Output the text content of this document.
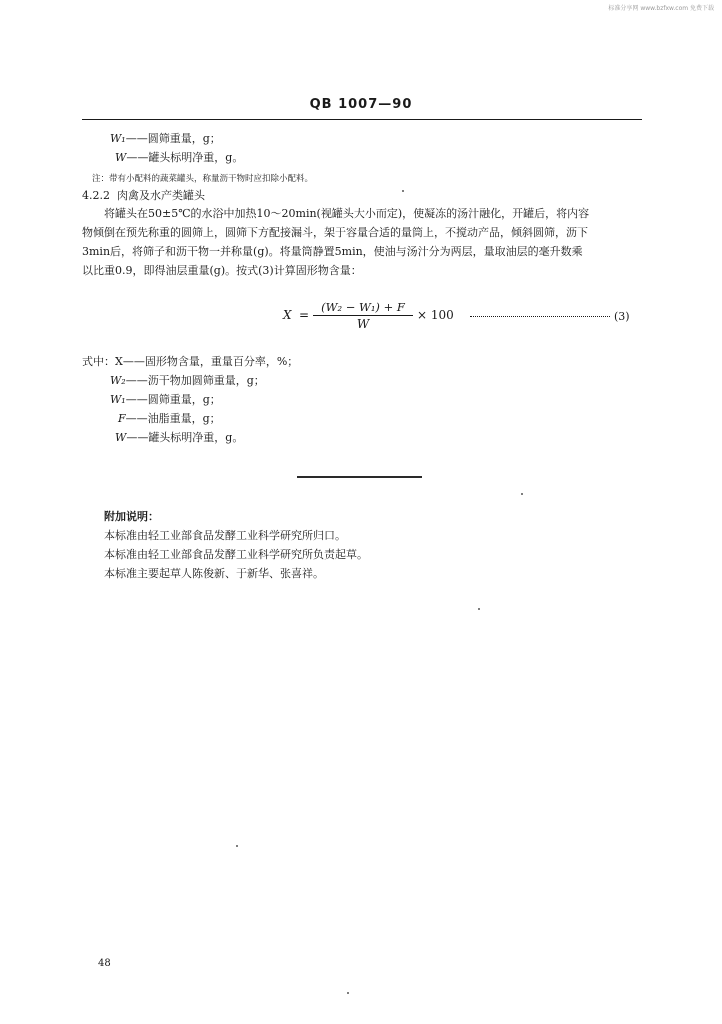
标准分享网 www.bzfxw.com 免费下载
QB 1007—90
W₁——圆筛重量，g；
W——罐头标明净重，g。
注：带有小配料的蔬菜罐头，称量沥干物时应扣除小配料。
4.2.2 肉禽及水产类罐头
将罐头在50±5℃的水浴中加热10～20min(视罐头大小而定)，使凝冻的汤汁融化，开罐后，将内容
物倾倒在预先称重的圆筛上，圆筛下方配接漏斗，架于容量合适的量筒上，不搅动产品，倾斜圆筛，沥下
3min后，将筛子和沥干物一并称量(g)。将量筒静置5min，使油与汤汁分为两层，量取油层的毫升数乘
以比重0.9，即得油层重量(g)。按式(3)计算固形物含量：
X =
(W₂ − W₁) + F
W
× 100	(3)
式中：X——固形物含量，重量百分率，%；
W₂——沥干物加圆筛重量，g；
W₁——圆筛重量，g；
F——油脂重量，g；
W——罐头标明净重，g。
附加说明：
本标准由轻工业部食品发酵工业科学研究所归口。
本标准由轻工业部食品发酵工业科学研究所负责起草。
本标准主要起草人陈俊新、于新华、张喜祥。
48
